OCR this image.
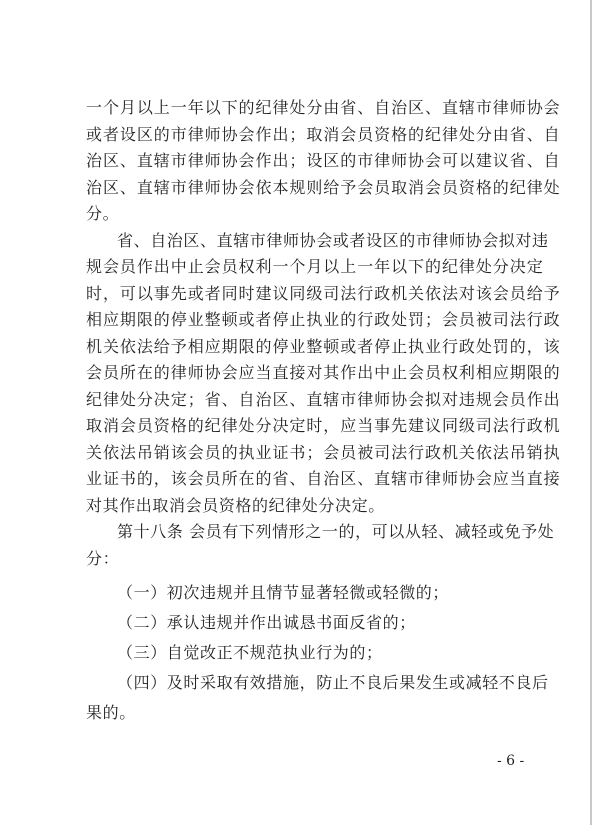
一个月以上一年以下的纪律处分由省、自治区、直辖市律师协会
或者设区的市律师协会作出；取消会员资格的纪律处分由省、自
治区、直辖市律师协会作出；设区的市律师协会可以建议省、自
治区、直辖市律师协会依本规则给予会员取消会员资格的纪律处
分。
省、自治区、直辖市律师协会或者设区的市律师协会拟对违
规会员作出中止会员权利一个月以上一年以下的纪律处分决定
时，可以事先或者同时建议同级司法行政机关依法对该会员给予
相应期限的停业整顿或者停止执业的行政处罚；会员被司法行政
机关依法给予相应期限的停业整顿或者停止执业行政处罚的，该
会员所在的律师协会应当直接对其作出中止会员权利相应期限的
纪律处分决定；省、自治区、直辖市律师协会拟对违规会员作出
取消会员资格的纪律处分决定时，应当事先建议同级司法行政机
关依法吊销该会员的执业证书；会员被司法行政机关依法吊销执
业证书的，该会员所在的省、自治区、直辖市律师协会应当直接
对其作出取消会员资格的纪律处分决定。
第十八条 会员有下列情形之一的，可以从轻、减轻或免予处
分：
（一）初次违规并且情节显著轻微或轻微的；
（二）承认违规并作出诚恳书面反省的；
（三）自觉改正不规范执业行为的；
（四）及时采取有效措施，防止不良后果发生或减轻不良后
果的。
- 6 -
